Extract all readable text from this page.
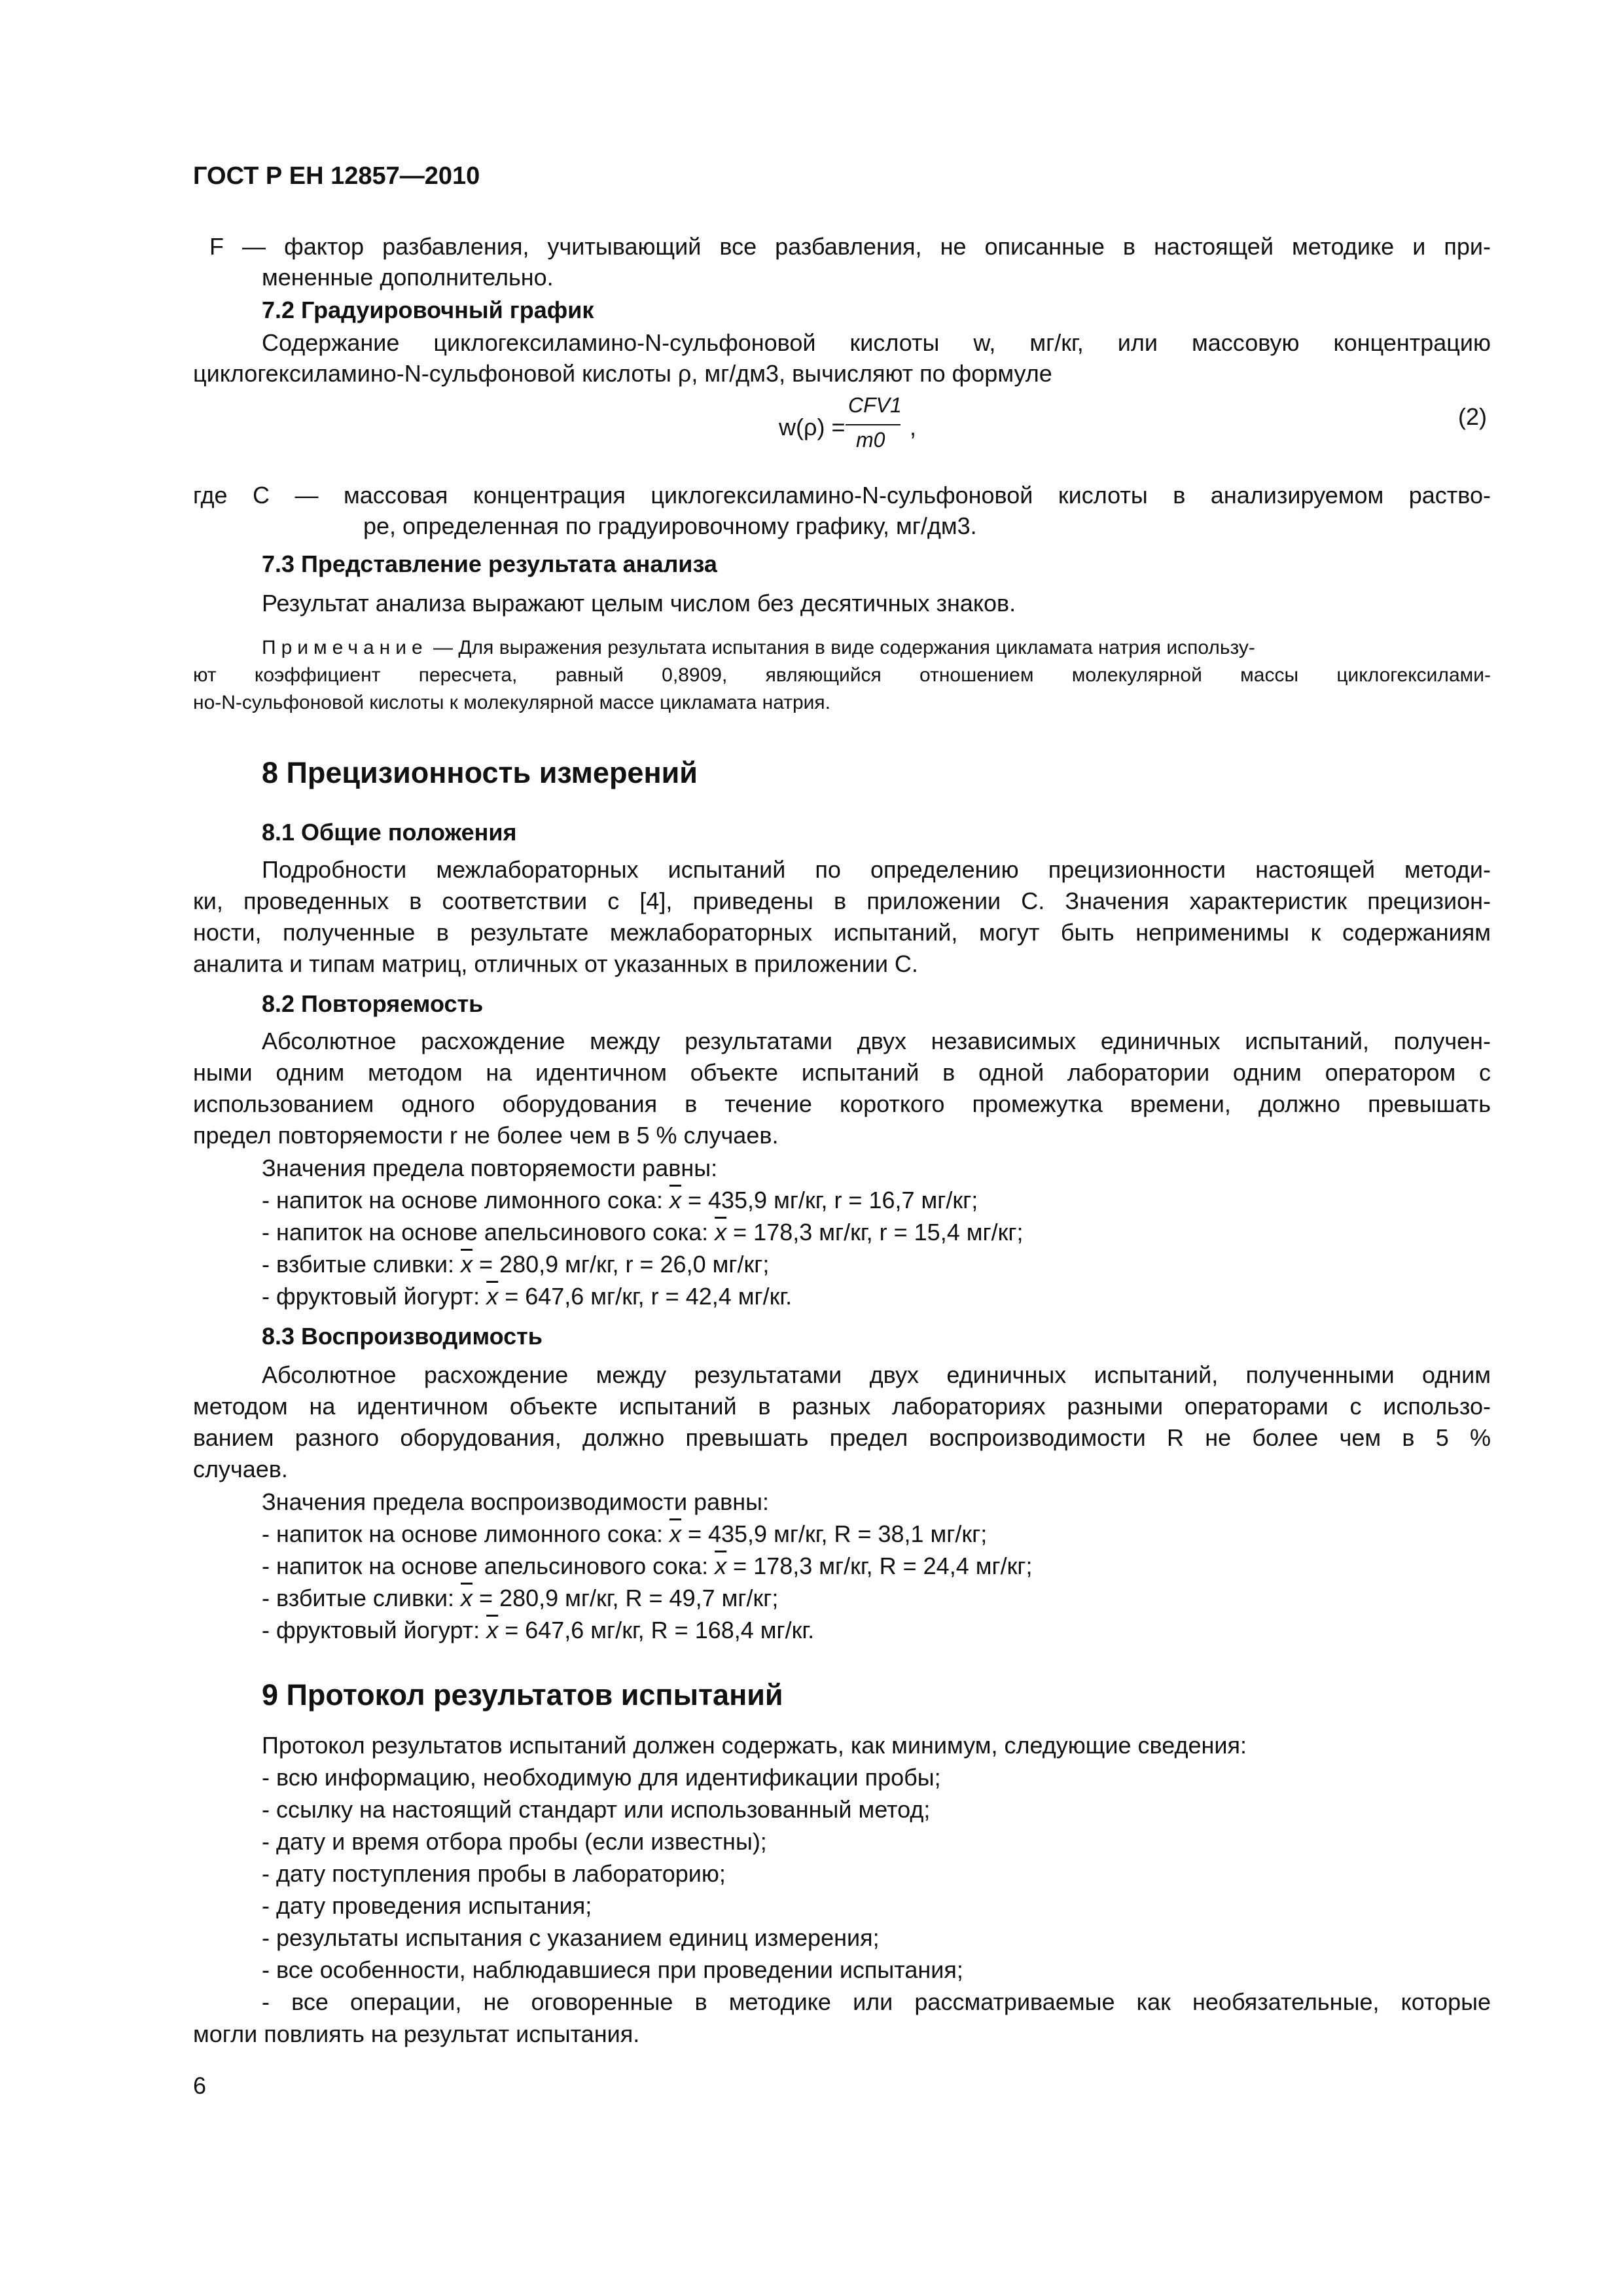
ГОСТ Р ЕН 12857—2010
F — фактор разбавления, учитывающий все разбавления, не описанные в настоящей методике и при-
мененные дополнительно.
7.2 Градуировочный график
Содержание циклогексиламино-N-сульфоновой кислоты w, мг/кг, или массовую концентрацию
циклогексиламино-N-сульфоновой кислоты ρ, мг/дм3, вычисляют по формуле
w(ρ) =
CFV1
m0 ,	(2)
где C — массовая концентрация циклогексиламино-N-сульфоновой кислоты в анализируемом раство-
ре, определенная по градуировочному графику, мг/дм3.
7.3 Представление результата анализа
Результат анализа выражают целым числом без десятичных знаков.
Примечание — Для выражения результата испытания в виде содержания цикламата натрия использу-
ют коэффициент пересчета, равный 0,8909, являющийся отношением молекулярной массы циклогексилами-
но-N-сульфоновой кислоты к молекулярной массе цикламата натрия.
8 Прецизионность измерений
8.1 Общие положения
Подробности межлабораторных испытаний по определению прецизионности настоящей методи-
ки, проведенных в соответствии с [4], приведены в приложении С. Значения характеристик прецизион-
ности, полученные в результате межлабораторных испытаний, могут быть неприменимы к содержаниям
аналита и типам матриц, отличных от указанных в приложении С.
8.2 Повторяемость
Абсолютное расхождение между результатами двух независимых единичных испытаний, получен-
ными одним методом на идентичном объекте испытаний в одной лаборатории одним оператором с
использованием одного оборудования в течение короткого промежутка времени, должно превышать
предел повторяемости r не более чем в 5 % случаев.
Значения предела повторяемости равны:
- напиток на основе лимонного сока: $\overline{x} = 435,9$ мг/кг, r = 16,7 мг/кг;
- напиток на основе апельсинового сока: $\overline{x} = 178,3$ мг/кг, r = 15,4 мг/кг;
- взбитые сливки: $\overline{x} = 280,9$ мг/кг, r = 26,0 мг/кг;
- фруктовый йогурт: $\overline{x} = 647,6$ мг/кг, r = 42,4 мг/кг.
8.3 Воспроизводимость
Абсолютное расхождение между результатами двух единичных испытаний, полученными одним
методом на идентичном объекте испытаний в разных лабораториях разными операторами с использо-
ванием разного оборудования, должно превышать предел воспроизводимости R не более чем в 5 %
случаев.
Значения предела воспроизводимости равны:
- напиток на основе лимонного сока: $\overline{x} = 435,9$ мг/кг, R = 38,1 мг/кг;
- напиток на основе апельсинового сока: $\overline{x} = 178,3$ мг/кг, R = 24,4 мг/кг;
- взбитые сливки: $\overline{x} = 280,9$ мг/кг, R = 49,7 мг/кг;
- фруктовый йогурт: $\overline{x} = 647,6$ мг/кг, R = 168,4 мг/кг.
9 Протокол результатов испытаний
Протокол результатов испытаний должен содержать, как минимум, следующие сведения:
- всю информацию, необходимую для идентификации пробы;
- ссылку на настоящий стандарт или использованный метод;
- дату и время отбора пробы (если известны);
- дату поступления пробы в лабораторию;
- дату проведения испытания;
- результаты испытания с указанием единиц измерения;
- все особенности, наблюдавшиеся при проведении испытания;
- все операции, не оговоренные в методике или рассматриваемые как необязательные, которые
могли повлиять на результат испытания.
6
